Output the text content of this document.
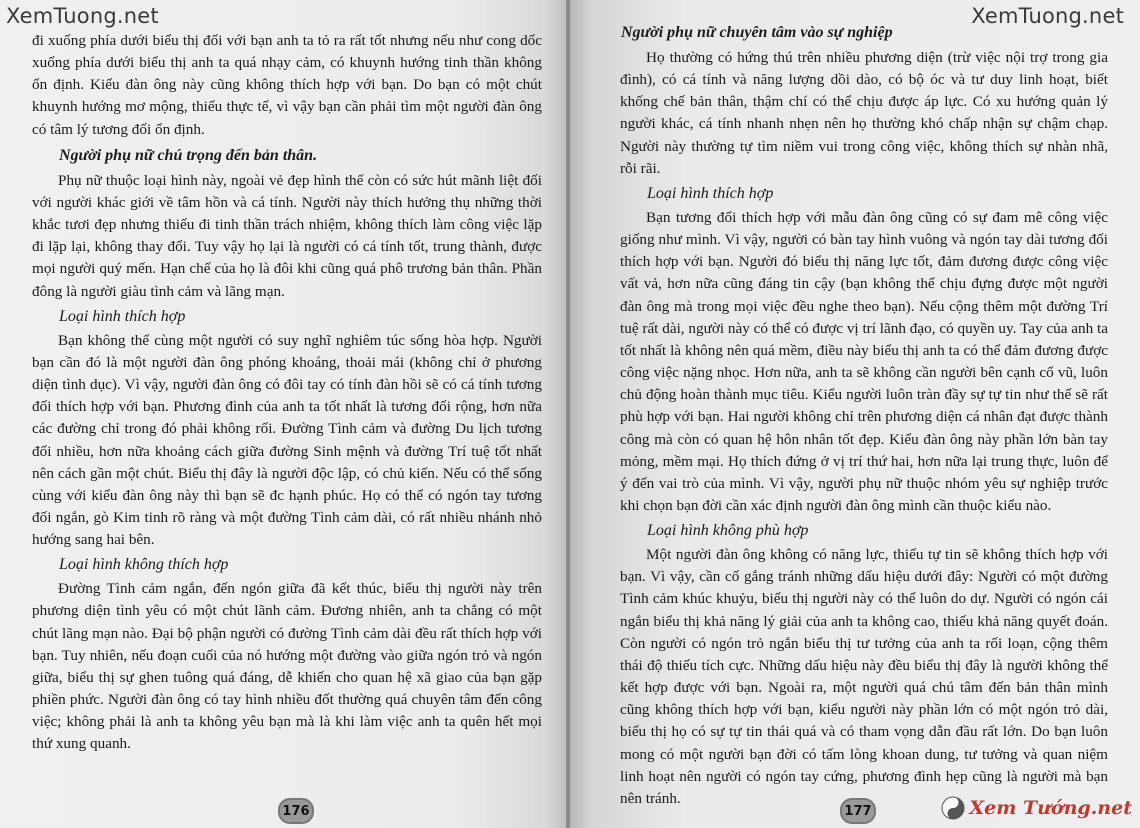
XemTuong.net

đi xuống phía dưới biểu thị đối với bạn anh ta tỏ ra rất tốt nhưng nếu như cong dốc xuống phía dưới biểu thị anh ta quá nhạy cảm, có khuynh hướng tinh thần không ổn định. Kiểu đàn ông này cũng không thích hợp với bạn. Do bạn có một chút khuynh hướng mơ mộng, thiếu thực tế, vì vậy bạn cần phải tìm một người đàn ông có tâm lý tương đối ổn định.

Người phụ nữ chú trọng đến bản thân.

Phụ nữ thuộc loại hình này, ngoài vẻ đẹp hình thể còn có sức hút mãnh liệt đối với người khác giới về tâm hồn và cá tính. Người này thích hưởng thụ những thời khắc tươi đẹp nhưng thiếu đi tinh thần trách nhiệm, không thích làm công việc lặp đi lặp lại, không thay đổi. Tuy vậy họ lại là người có cá tính tốt, trung thành, được mọi người quý mến. Hạn chế của họ là đôi khi cũng quá phô trương bản thân. Phần đông là người giàu tình cảm và lãng mạn.

Loại hình thích hợp

Bạn không thể cùng một người có suy nghĩ nghiêm túc sống hòa hợp. Người bạn cần đó là một người đàn ông phóng khoáng, thoải mái (không chỉ ở phương diện tình dục). Vì vậy, người đàn ông có đôi tay có tính đàn hồi sẽ có cá tính tương đối thích hợp với bạn. Phương đình của anh ta tốt nhất là tương đối rộng, hơn nữa các đường chỉ trong đó phải không rối. Đường Tình cảm và đường Du lịch tương đối nhiều, hơn nữa khoảng cách giữa đường Sinh mệnh và đường Trí tuệ tốt nhất nên cách gần một chút. Biểu thị đây là người độc lập, có chủ kiến. Nếu có thể sống cùng với kiểu đàn ông này thì bạn sẽ đc hạnh phúc. Họ có thể có ngón tay tương đối ngắn, gò Kim tinh rõ ràng và một đường Tình cảm dài, có rất nhiều nhánh nhỏ hướng sang hai bên.

Loại hình không thích hợp

Đường Tình cảm ngắn, đến ngón giữa đã kết thúc, biểu thị người này trên phương diện tình yêu có một chút lãnh cảm. Đương nhiên, anh ta chẳng có một chút lãng mạn nào. Đại bộ phận người có đường Tình cảm dài đều rất thích hợp với bạn. Tuy nhiên, nếu đoạn cuối của nó hướng một đường vào giữa ngón trỏ và ngón giữa, biểu thị sự ghen tuông quá đáng, dễ khiến cho quan hệ xã giao của bạn gặp phiền phức. Người đàn ông có tay hình nhiều đốt thường quá chuyên tâm đến công việc; không phải là anh ta không yêu bạn mà là khi làm việc anh ta quên hết mọi thứ xung quanh.

176
XemTuong.net
Người phụ nữ chuyên tâm vào sự nghiệp

Họ thường có hứng thú trên nhiều phương diện (trừ việc nội trợ trong gia đình), có cá tính và năng lượng dồi dào, có bộ óc và tư duy linh hoạt, biết khống chế bản thân, thậm chí có thể chịu được áp lực. Có xu hướng quản lý người khác, cá tính nhanh nhẹn nên họ thường khó chấp nhận sự chậm chạp. Người này thường tự tìm niềm vui trong công việc, không thích sự nhàn nhã, rỗi rãi.

Loại hình thích hợp

Bạn tương đối thích hợp với mẫu đàn ông cũng có sự đam mê công việc giống như mình. Vì vậy, người có bàn tay hình vuông và ngón tay dài tương đối thích hợp với bạn. Người đó biểu thị năng lực tốt, đảm đương được công việc vất vả, hơn nữa cũng đáng tin cậy (bạn không thể chịu đựng được một người đàn ông mà trong mọi việc đều nghe theo bạn). Nếu cộng thêm một đường Trí tuệ rất dài, người này có thể có được vị trí lãnh đạo, có quyền uy. Tay của anh ta tốt nhất là không nên quá mềm, điều này biểu thị anh ta có thể đảm đương được công việc nặng nhọc. Hơn nữa, anh ta sẽ không cần người bên cạnh cổ vũ, luôn chủ động hoàn thành mục tiêu. Kiểu người luôn tràn đầy sự tự tin như thế sẽ rất phù hợp với bạn. Hai người không chỉ trên phương diện cá nhân đạt được thành công mà còn có quan hệ hôn nhân tốt đẹp. Kiểu đàn ông này phần lớn bàn tay mỏng, mềm mại. Họ thích đứng ở vị trí thứ hai, hơn nữa lại trung thực, luôn để ý đến vai trò của mình. Vì vậy, người phụ nữ thuộc nhóm yêu sự nghiệp trước khi chọn bạn đời cần xác định người đàn ông mình cần thuộc kiểu nào.

Loại hình không phù hợp

Một người đàn ông không có năng lực, thiếu tự tin sẽ không thích hợp với bạn. Vì vậy, cần cố gắng tránh những dấu hiệu dưới đây: Người có một đường Tình cảm khúc khuỷu, biểu thị người này có thể luôn do dự. Người có ngón cái ngắn biểu thị khả năng lý giải của anh ta không cao, thiếu khả năng quyết đoán. Còn người có ngón trỏ ngắn biểu thị tư tưởng của anh ta rối loạn, cộng thêm thái độ thiếu tích cực. Những dấu hiệu này đều biểu thị đây là người không thể kết hợp được với bạn. Ngoài ra, một người quá chú tâm đến bản thân mình cũng không thích hợp với bạn, kiểu người này phần lớn có một ngón trỏ dài, biểu thị họ có sự tự tin thái quá và có tham vọng dẫn đầu rất lớn. Do bạn luôn mong có một người bạn đời có tấm lòng khoan dung, tư tưởng và quan niệm linh hoạt nên người có ngón tay cứng, phương đình hẹp cũng là người mà bạn nên tránh.

177	Xem Tướng.net
